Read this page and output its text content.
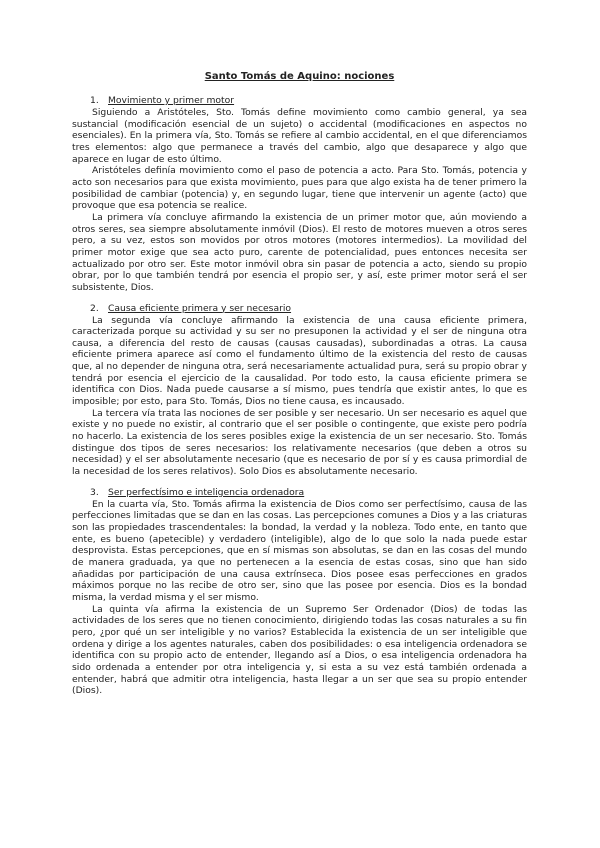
Santo Tomás de Aquino: nociones
1.	Movimiento y primer motor

Siguiendo a Aristóteles, Sto. Tomás define movimiento como cambio general, ya sea sustancial (modificación esencial de un sujeto) o accidental (modificaciones en aspectos no esenciales). En la primera vía, Sto. Tomás se refiere al cambio accidental, en el que diferenciamos tres elementos: algo que permanece a través del cambio, algo que desaparece y algo que aparece en lugar de esto último.

Aristóteles definía movimiento como el paso de potencia a acto. Para Sto. Tomás, potencia y acto son necesarios para que exista movimiento, pues para que algo exista ha de tener primero la posibilidad de cambiar (potencia) y, en segundo lugar, tiene que intervenir un agente (acto) que provoque que esa potencia se realice.

La primera vía concluye afirmando la existencia de un primer motor que, aún moviendo a otros seres, sea siempre absolutamente inmóvil (Dios). El resto de motores mueven a otros seres pero, a su vez, estos son movidos por otros motores (motores intermedios). La movilidad del primer motor exige que sea acto puro, carente de potencialidad, pues entonces necesita ser actualizado por otro ser. Este motor inmóvil obra sin pasar de potencia a acto, siendo su propio obrar, por lo que también tendrá por esencia el propio ser, y así, este primer motor será el ser subsistente, Dios.

2.	Causa eficiente primera y ser necesario

La segunda vía concluye afirmando la existencia de una causa eficiente primera, caracterizada porque su actividad y su ser no presuponen la actividad y el ser de ninguna otra causa, a diferencia del resto de causas (causas causadas), subordinadas a otras. La causa eficiente primera aparece así como el fundamento último de la existencia del resto de causas que, al no depender de ninguna otra, será necesariamente actualidad pura, será su propio obrar y tendrá por esencia el ejercicio de la causalidad. Por todo esto, la causa eficiente primera se identifica con Dios. Nada puede causarse a sí mismo, pues tendría que existir antes, lo que es imposible; por esto, para Sto. Tomás, Dios no tiene causa, es incausado.

La tercera vía trata las nociones de ser posible y ser necesario. Un ser necesario es aquel que existe y no puede no existir, al contrario que el ser posible o contingente, que existe pero podría no hacerlo. La existencia de los seres posibles exige la existencia de un ser necesario. Sto. Tomás distingue dos tipos de seres necesarios: los relativamente necesarios (que deben a otros su necesidad) y el ser absolutamente necesario (que es necesario de por sí y es causa primordial de la necesidad de los seres relativos). Solo Dios es absolutamente necesario.

3.	Ser perfectísimo e inteligencia ordenadora

En la cuarta vía, Sto. Tomás afirma la existencia de Dios como ser perfectísimo, causa de las perfecciones limitadas que se dan en las cosas. Las percepciones comunes a Dios y a las criaturas son las propiedades trascendentales: la bondad, la verdad y la nobleza. Todo ente, en tanto que ente, es bueno (apetecible) y verdadero (inteligible), algo de lo que solo la nada puede estar desprovista. Estas percepciones, que en sí mismas son absolutas, se dan en las cosas del mundo de manera graduada, ya que no pertenecen a la esencia de estas cosas, sino que han sido añadidas por participación de una causa extrínseca. Dios posee esas perfecciones en grados máximos porque no las recibe de otro ser, sino que las posee por esencia. Dios es la bondad misma, la verdad misma y el ser mismo.

La quinta vía afirma la existencia de un Supremo Ser Ordenador (Dios) de todas las actividades de los seres que no tienen conocimiento, dirigiendo todas las cosas naturales a su fin pero, ¿por qué un ser inteligible y no varios? Establecida la existencia de un ser inteligible que ordena y dirige a los agentes naturales, caben dos posibilidades: o esa inteligencia ordenadora se identifica con su propio acto de entender, llegando así a Dios, o esa inteligencia ordenadora ha sido ordenada a entender por otra inteligencia y, si esta a su vez está también ordenada a entender, habrá que admitir otra inteligencia, hasta llegar a un ser que sea su propio entender (Dios).
